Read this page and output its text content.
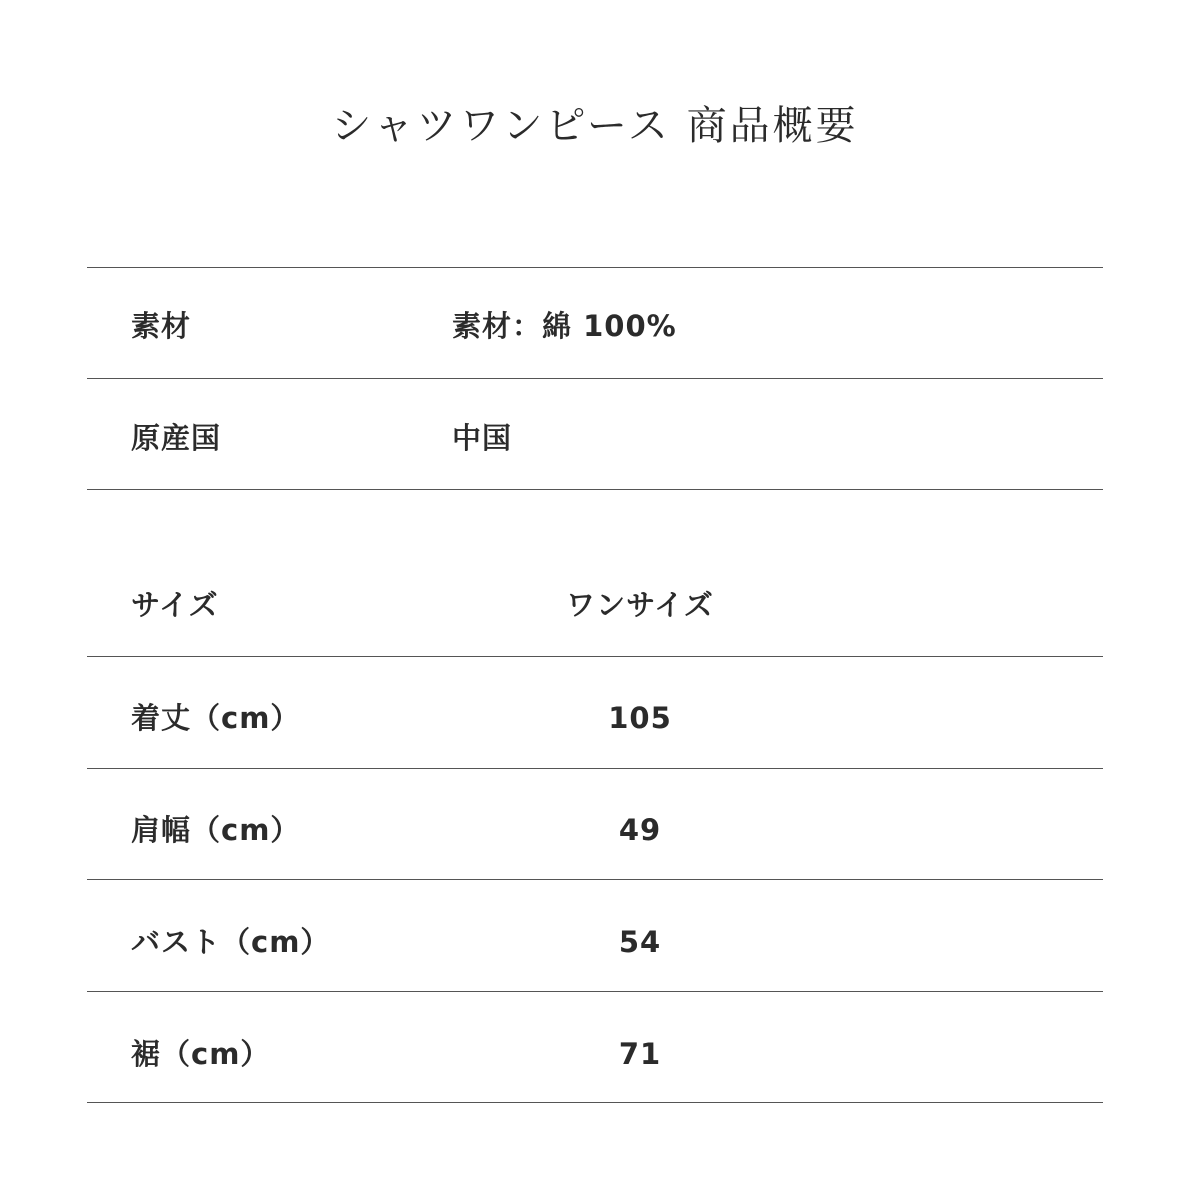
シャツワンピース 商品概要
素材	素材：綿 100%
原産国	中国
サイズ	ワンサイズ
着丈（cm）	105
肩幅（cm）	49
バスト（cm）	54
裾（cm）	71
